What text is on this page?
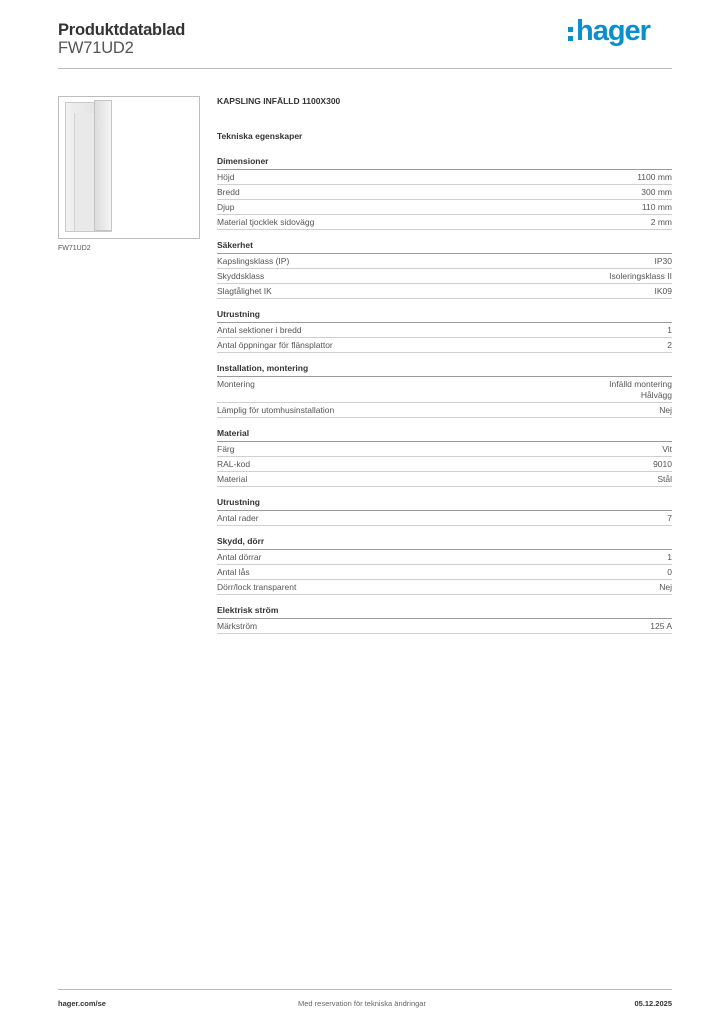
Produktdatablad
FW71UD2
hager
FW71UD2
KAPSLING INFÄLLD 1100X300
Tekniska egenskaper
Dimensioner
Höjd	1100 mm
Bredd	300 mm
Djup	110 mm
Material tjocklek sidovägg	2 mm
Säkerhet
Kapslingsklass (IP)	IP30
Skyddsklass	Isoleringsklass II
Slagtålighet IK	IK09
Utrustning
Antal sektioner i bredd	1
Antal öppningar för flänsplattor	2
Installation, montering
Montering	Infälld montering
Hålvägg
Lämplig för utomhusinstallation	Nej
Material
Färg	Vit
RAL-kod	9010
Material	Stål
Utrustning
Antal rader	7
Skydd, dörr
Antal dörrar	1
Antal lås	0
Dörr/lock transparent	Nej
Elektrisk ström
Märkström	125 A
hager.com/se	Med reservation för tekniska ändringar	05.12.2025
